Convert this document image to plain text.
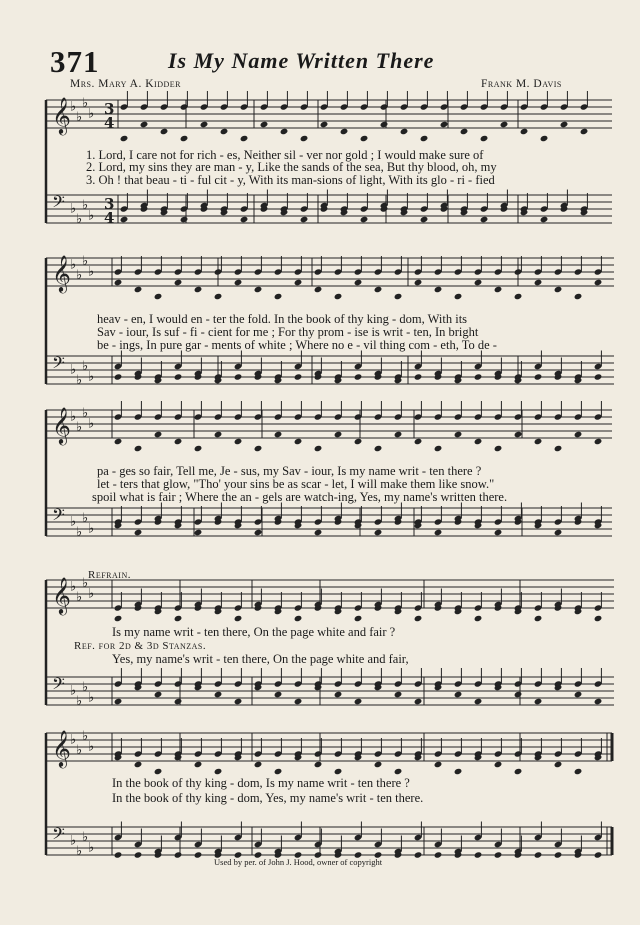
371	Is My Name Written There
Mrs. Mary A. Kidder	Frank M. Davis
𝄞 ♭
♭
♭
♭
𝄢 ♭
♭
♭
♭
3
4
3
4
𝄞 ♭
♭
♭
♭
𝄢 ♭
♭
♭
♭
𝄞 ♭
♭
♭
♭
𝄢 ♭
♭
♭
♭
𝄞 ♭
♭
♭
♭
𝄢 ♭
♭
♭
♭
𝄞 ♭
♭
♭
♭
𝄢 ♭
♭
♭
♭
1. Lord, I care not for rich - es, Neither sil - ver nor gold ; I would make sure of
2. Lord, my sins they are man - y, Like the sands of the sea, But thy blood, oh, my
3. Oh ! that beau - ti - ful cit - y, With its man-sions of light, With its glo - ri - fied
heav - en, I would en - ter the fold. In the book of thy king - dom, With its
Sav - iour, Is suf - fi - cient for me ; For thy prom - ise is writ - ten, In bright
be - ings, In pure gar - ments of white ; Where no e - vil thing com - eth, To de -
pa - ges so fair, Tell me, Je - sus, my Sav - iour, Is my name writ - ten there ?
let - ters that glow, "Tho' your sins be as scar - let, I will make them like snow."
spoil what is fair ; Where the an - gels are watch-ing, Yes, my name's written there.
Refrain.
Is my name writ - ten there, On the page white and fair ?
Ref. for 2d & 3d Stanzas.
Yes, my name's writ - ten there, On the page white and fair,
In the book of thy king - dom, Is my name writ - ten there ?
In the book of thy king - dom, Yes, my name's writ - ten there.
Used by per. of John J. Hood, owner of copyright
